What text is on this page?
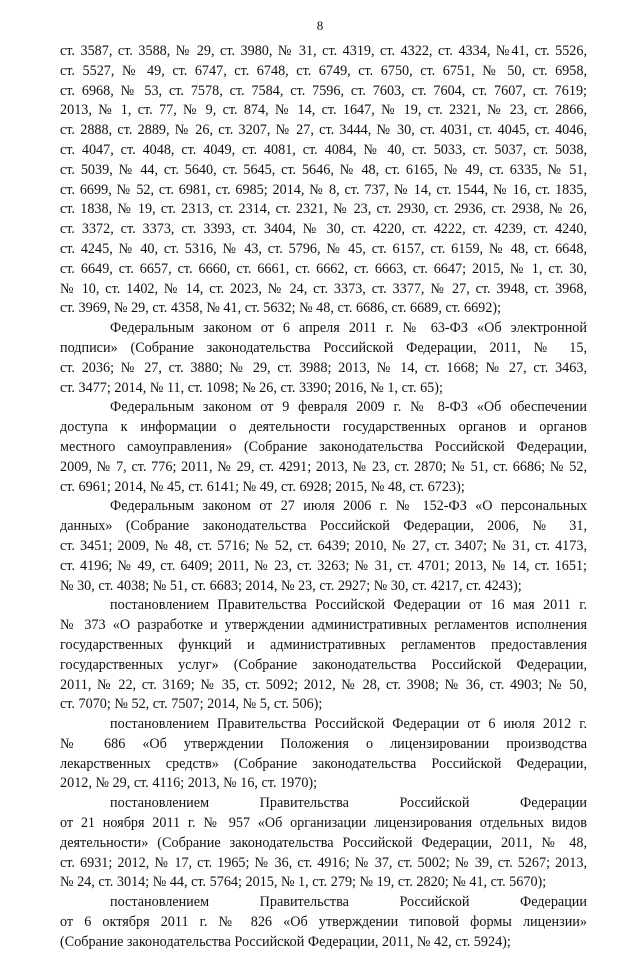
8
ст. 3587, ст. 3588, № 29, ст. 3980, № 31, ст. 4319, ст. 4322, ст. 4334, №41, ст. 5526,
ст. 5527, № 49, ст. 6747, ст. 6748, ст. 6749, ст. 6750, ст. 6751, № 50, ст. 6958,
ст. 6968, № 53, ст. 7578, ст. 7584, ст. 7596, ст. 7603, ст. 7604, ст. 7607, ст. 7619;
2013, № 1, ст. 77, № 9, ст. 874, № 14, ст. 1647, № 19, ст. 2321, № 23, ст. 2866,
ст. 2888, ст. 2889, № 26, ст. 3207, № 27, ст. 3444, № 30, ст. 4031, ст. 4045, ст. 4046,
ст. 4047, ст. 4048, ст. 4049, ст. 4081, ст. 4084, № 40, ст. 5033, ст. 5037, ст. 5038,
ст. 5039, № 44, ст. 5640, ст. 5645, ст. 5646, № 48, ст. 6165, № 49, ст. 6335, № 51,
ст. 6699, № 52, ст. 6981, ст. 6985; 2014, № 8, ст. 737, № 14, ст. 1544, № 16, ст. 1835,
ст. 1838, № 19, ст. 2313, ст. 2314, ст. 2321, № 23, ст. 2930, ст. 2936, ст. 2938, № 26,
ст. 3372, ст. 3373, ст. 3393, ст. 3404, № 30, ст. 4220, ст. 4222, ст. 4239, ст. 4240,
ст. 4245, № 40, ст. 5316, № 43, ст. 5796, № 45, ст. 6157, ст. 6159, № 48, ст. 6648,
ст. 6649, ст. 6657, ст. 6660, ст. 6661, ст. 6662, ст. 6663, ст. 6647; 2015, № 1, ст. 30,
№ 10, ст. 1402, № 14, ст. 2023, № 24, ст. 3373, ст. 3377, № 27, ст. 3948, ст. 3968,
ст. 3969, № 29, ст. 4358, № 41, ст. 5632; № 48, ст. 6686, ст. 6689, ст. 6692);
Федеральным законом от 6 апреля 2011 г. № 63-ФЗ «Об электронной
подписи» (Собрание законодательства Российской Федерации, 2011, № 15,
ст. 2036; № 27, ст. 3880; № 29, ст. 3988; 2013, № 14, ст. 1668; № 27, ст. 3463,
ст. 3477; 2014, № 11, ст. 1098; № 26, ст. 3390; 2016, № 1, ст. 65);
Федеральным законом от 9 февраля 2009 г. № 8-ФЗ «Об обеспечении
доступа к информации о деятельности государственных органов и органов
местного самоуправления» (Собрание законодательства Российской Федерации,
2009, № 7, ст. 776; 2011, № 29, ст. 4291; 2013, № 23, ст. 2870; № 51, ст. 6686; № 52,
ст. 6961; 2014, № 45, ст. 6141; № 49, ст. 6928; 2015, № 48, ст. 6723);
Федеральным законом от 27 июля 2006 г. № 152-ФЗ «О персональных
данных» (Собрание законодательства Российской Федерации, 2006, № 31,
ст. 3451; 2009, № 48, ст. 5716; № 52, ст. 6439; 2010, № 27, ст. 3407; № 31, ст. 4173,
ст. 4196; № 49, ст. 6409; 2011, № 23, ст. 3263; № 31, ст. 4701; 2013, № 14, ст. 1651;
№ 30, ст. 4038; № 51, ст. 6683; 2014, № 23, ст. 2927; № 30, ст. 4217, ст. 4243);
постановлением Правительства Российской Федерации от 16 мая 2011 г.
№ 373 «О разработке и утверждении административных регламентов исполнения
государственных функций и административных регламентов предоставления
государственных услуг» (Собрание законодательства Российской Федерации,
2011, № 22, ст. 3169; № 35, ст. 5092; 2012, № 28, ст. 3908; № 36, ст. 4903; № 50,
ст. 7070; № 52, ст. 7507; 2014, № 5, ст. 506);
постановлением Правительства Российской Федерации от 6 июля 2012 г.
№ 686 «Об утверждении Положения о лицензировании производства
лекарственных средств» (Собрание законодательства Российской Федерации,
2012, № 29, ст. 4116; 2013, № 16, ст. 1970);
постановлением Правительства Российской Федерации
от 21 ноября 2011 г. № 957 «Об организации лицензирования отдельных видов
деятельности» (Собрание законодательства Российской Федерации, 2011, № 48,
ст. 6931; 2012, № 17, ст. 1965; № 36, ст. 4916; № 37, ст. 5002; № 39, ст. 5267; 2013,
№ 24, ст. 3014; № 44, ст. 5764; 2015, № 1, ст. 279; № 19, ст. 2820; № 41, ст. 5670);
постановлением Правительства Российской Федерации
от 6 октября 2011 г. № 826 «Об утверждении типовой формы лицензии»
(Собрание законодательства Российской Федерации, 2011, № 42, ст. 5924);
